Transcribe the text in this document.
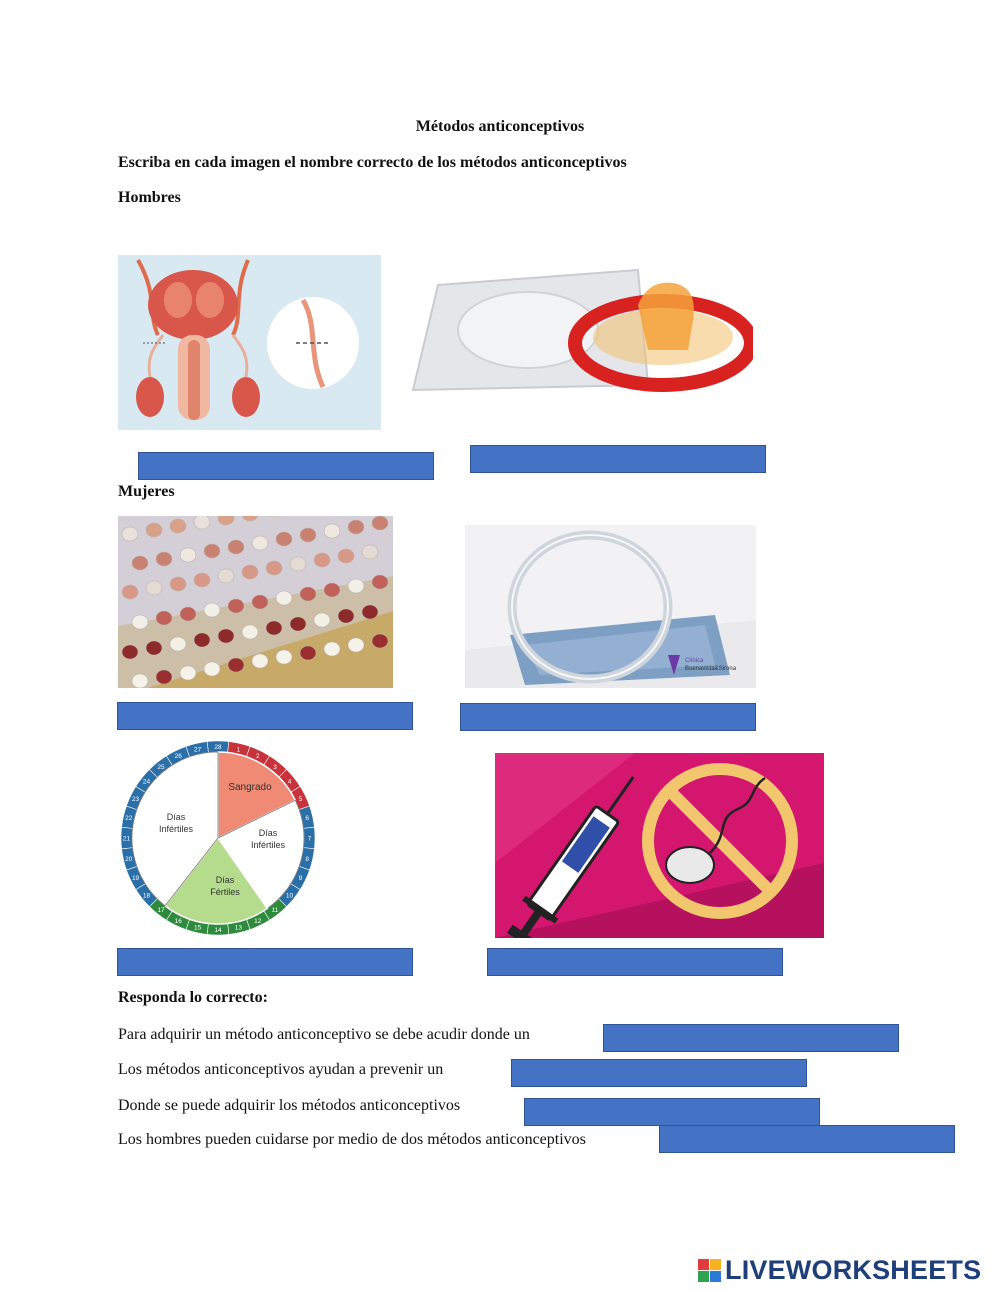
Métodos anticonceptivos
Escriba en cada imagen el nombre correcto de los métodos anticonceptivos
Hombres
Mujeres
Clínica
Buenavista&Sirona
28 1
2
3
4
5
6
7
8
9
10
11
12
13
14
15
16
17
18
19
20
21
22
23
24
25
26
27
Sangrado
Días Infértiles	Días Infértiles
Días Fértiles
Responda lo correcto:
Para adquirir un método anticonceptivo se debe acudir donde un
Los métodos anticonceptivos ayudan a prevenir un
Donde se puede adquirir los métodos anticonceptivos
Los hombres pueden cuidarse por medio de dos métodos anticonceptivos
LIVEWORKSHEETS
